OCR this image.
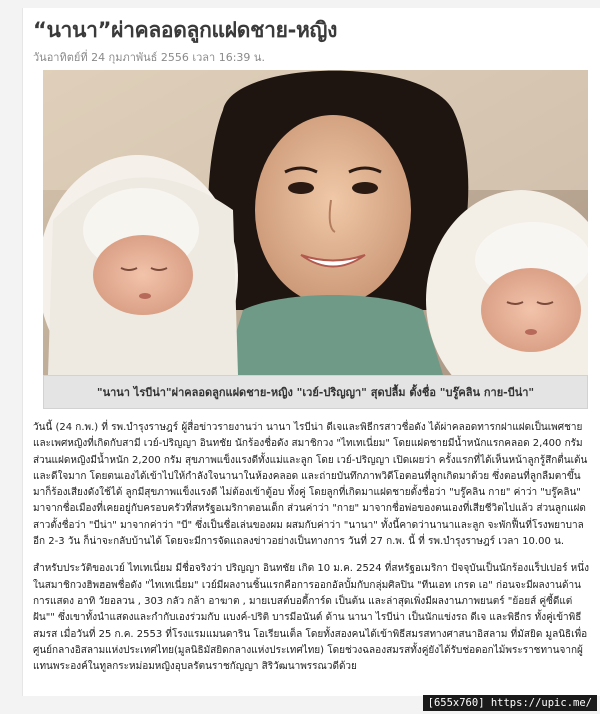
“นานา”ผ่าคลอดลูกแฝดชาย-หญิง
วันอาทิตย์ที่ 24 กุมภาพันธ์ 2556 เวลา 16:39 น.
"นานา ไรบีน่า"ผ่าคลอดลูกแฝดชาย-หญิง "เวย์-ปริญญา" สุดปลื้ม ตั้งชื่อ "บรู๊คลิน กาย-บีน่า"

วันนี้ (24 ก.พ.) ที่ รพ.บำรุงราษฎร์ ผู้สื่อข่าวรายงานว่า นานา ไรบีน่า ดีเจและพิธีกรสาวชื่อดัง ได้ผ่าคลอดทารกฝาแฝดเป็นเพศชายและเพศหญิงที่เกิดกับสามี เวย์-ปริญญา อินทชัย นักร้องชื่อดัง สมาชิกวง "ไทเทเนี่ยม" โดยแฝดชายมีน้ำหนักแรกคลอด 2,400 กรัม ส่วนแฝดหญิงมีน้ำหนัก 2,200 กรัม สุขภาพแข็งแรงดีทั้งแม่และลูก โดย เวย์-ปริญญา เปิดเผยว่า ครั้งแรกที่ได้เห็นหน้าลูกรู้สึกตื่นเต้นและดีใจมาก โดยตนเองได้เข้าไปให้กำลังใจนานาในห้องคลอด และถ่ายบันทึกภาพวิดีโอตอนที่ลูกเกิดมาด้วย ซึ่งตอนที่ลูกลืมตาขึ้นมาก็ร้องเสียงดังใช้ได้ ลูกมีสุขภาพแข็งแรงดี ไม่ต้องเข้าตู้อบ ทั้งคู่ โดยลูกที่เกิดมาแฝดชายตั้งชื่อว่า "บรู๊คลิน กาย" ค่าว่า "บรู๊คลิน" มาจากชื่อเมืองที่เคยอยู่กับครอบครัวที่สหรัฐอเมริกาตอนเด็ก ส่วนค่าว่า "กาย" มาจากชื่อพ่อของตนเองที่เสียชีวิตไปแล้ว ส่วนลูกแฝดสาวตั้งชื่อว่า "บีน่า" มาจากค่าว่า "บี" ซึ่งเป็นชื่อเล่นของผม ผสมกับค่าว่า "นานา" ทั้งนี้คาดว่านานาและลูก จะพักฟื้นที่โรงพยาบาล อีก 2-3 วัน ก็น่าจะกลับบ้านได้ โดยจะมีการจัดแถลงข่าวอย่างเป็นทางการ วันที่ 27 ก.พ. นี้ ที่ รพ.บำรุงราษฎร์ เวลา 10.00 น.

สำหรับประวัติของเวย์ ไทเทเนี่ยม มีชื่อจริงว่า ปริญญา อินทชัย เกิด 10 ม.ค. 2524 ที่สหรัฐอเมริกา ปัจจุบันเป็นนักร้องแร็ปเปอร์ หนึ่งในสมาชิกวงฮิพฮอพชื่อดัง "ไทเทเนี่ยม" เวย์มีผลงานชิ้นแรกคือการออกอัลบั้มกับกลุ่มศิลปิน "ทีนเอท เกรด เอ" ก่อนจะมีผลงานด้านการแสดง อาทิ วัยอลวน , 303 กลัว กล้า อาฆาต , มายเบสต์บอดี้การ์ด เป็นต้น และล่าสุดเพิ่งมีผลงานภาพยนตร์ "ย้อยส์ คู่ซี้ดีแต่ฝัน"" ซึ่งเขาทั้งนำแสดงและกำกับเองร่วมกับ แบงค์-ปริติ บารมีอนันต์ ด้าน นานา ไรบีน่า เป็นนักแข่งรถ ดีเจ และพิธีกร ทั้งคู่เข้าพิธีสมรส เมื่อวันที่ 25 ก.ค. 2553 ที่โรงแรมแมนดาริน โอเรียนเต็ล โดยทั้งสองคนได้เข้าพิธีสมรสทางศาสนาอิสลาม ที่มัสยิด มูลนิธิเพื่อศูนย์กลางอิสลามแห่งประเทศไทย(มูลนิธิมัสยิดกลางแห่งประเทศไทย) โดยช่วงฉลองสมรสทั้งคู่ยังได้รับช่อดอกไม้พระราชทานจากผู้แทนพระองค์ในทูลกระหม่อมหญิงอุบลรัตนราชกัญญา สิริวัฒนาพรรณวดีด้วย

[655x760] https://upic.me/
